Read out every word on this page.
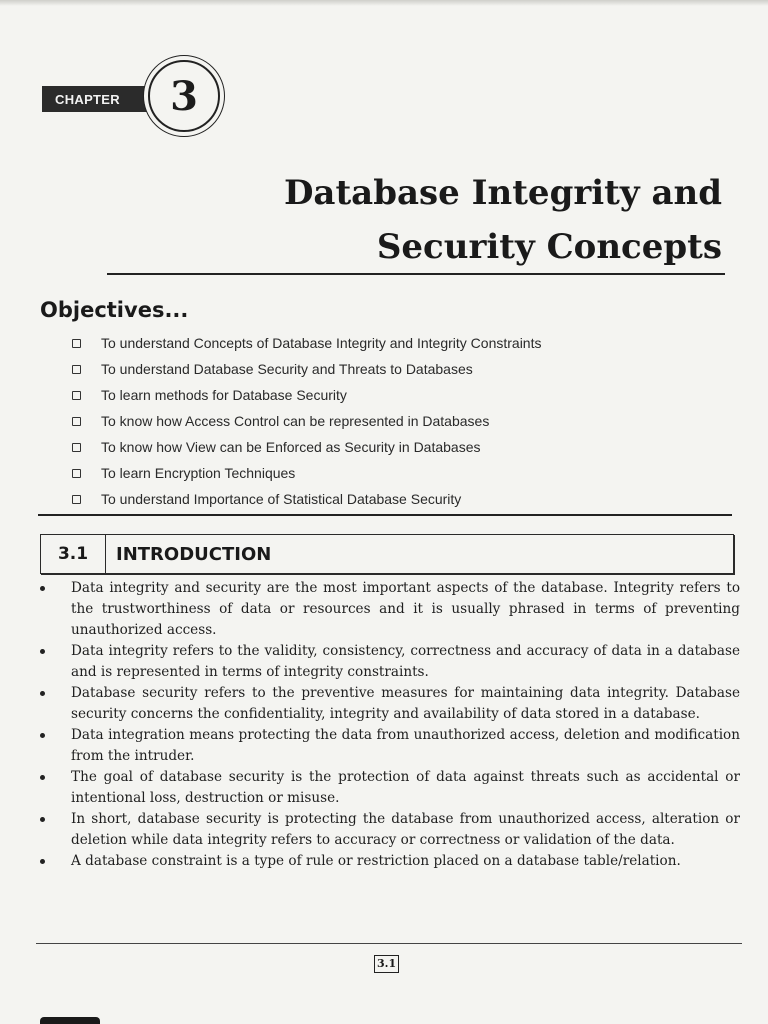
CHAPTER	3
Database Integrity and
Security Concepts
Objectives...
To understand Concepts of Database Integrity and Integrity Constraints
To understand Database Security and Threats to Databases
To learn methods for Database Security
To know how Access Control can be represented in Databases
To know how View can be Enforced as Security in Databases
To learn Encryption Techniques
To understand Importance of Statistical Database Security
3.1	INTRODUCTION
Data integrity and security are the most important aspects of the database. Integrity refers to the trustworthiness of data or resources and it is usually phrased in terms of preventing unauthorized access.
Data integrity refers to the validity, consistency, correctness and accuracy of data in a database and is represented in terms of integrity constraints.
Database security refers to the preventive measures for maintaining data integrity. Database security concerns the confidentiality, integrity and availability of data stored in a database.
Data integration means protecting the data from unauthorized access, deletion and modification from the intruder.
The goal of database security is the protection of data against threats such as accidental or intentional loss, destruction or misuse.
In short, database security is protecting the database from unauthorized access, alteration or deletion while data integrity refers to accuracy or correctness or validation of the data.
A database constraint is a type of rule or restriction placed on a database table/relation.
3.1
